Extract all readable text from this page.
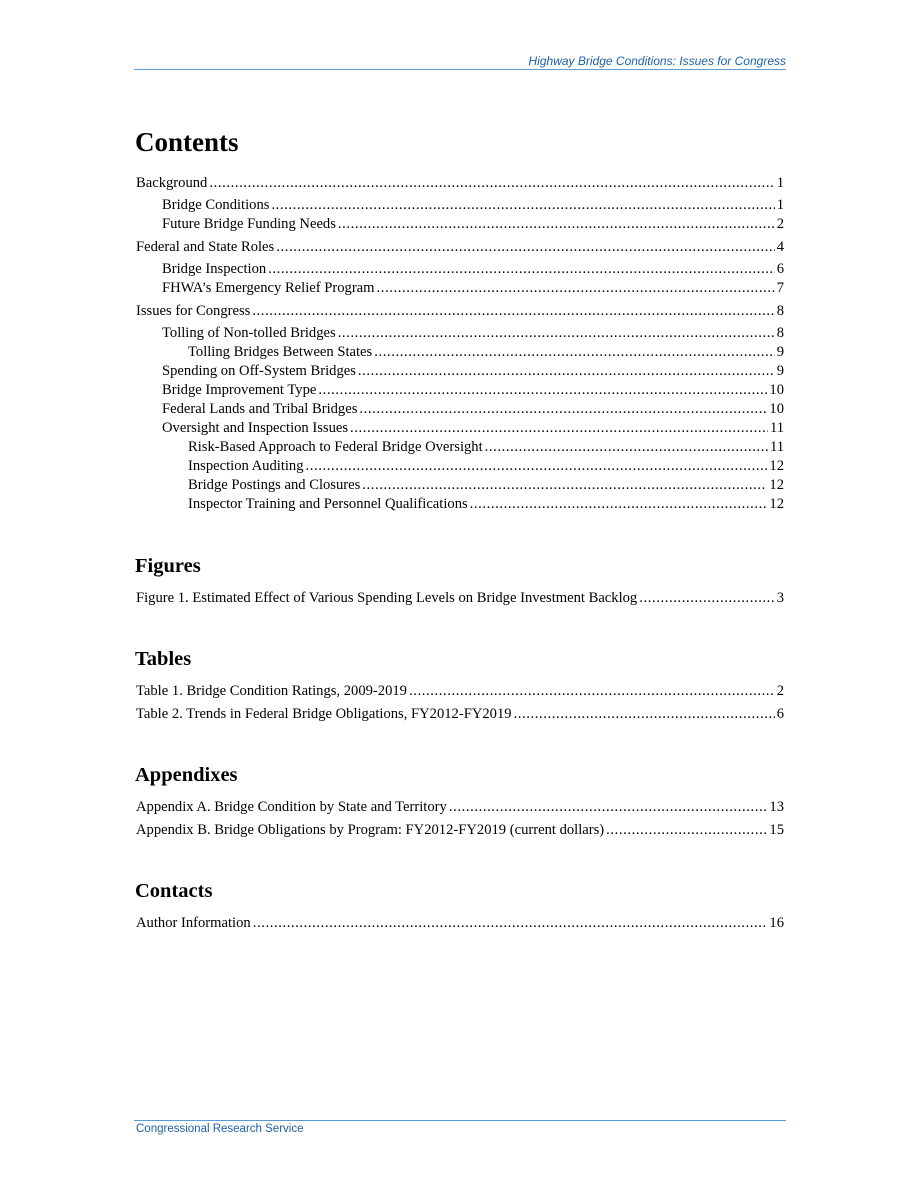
Highway Bridge Conditions: Issues for Congress
Contents
Background .....	1
Bridge Conditions .....	1
Future Bridge Funding Needs .....	2
Federal and State Roles .....	4
Bridge Inspection .....	6
FHWA’s Emergency Relief Program .....	7
Issues for Congress .....	8
Tolling of Non-tolled Bridges .....	8
Tolling Bridges Between States .....	9
Spending on Off-System Bridges .....	9
Bridge Improvement Type .....	10
Federal Lands and Tribal Bridges .....	10
Oversight and Inspection Issues .....	11
Risk-Based Approach to Federal Bridge Oversight .....	11
Inspection Auditing .....	12
Bridge Postings and Closures .....	12
Inspector Training and Personnel Qualifications .....	12
Figures
Figure 1. Estimated Effect of Various Spending Levels on Bridge Investment Backlog .....	3
Tables
Table 1. Bridge Condition Ratings, 2009-2019 .....	2
Table 2. Trends in Federal Bridge Obligations, FY2012-FY2019 .....	6
Appendixes
Appendix A. Bridge Condition by State and Territory .....	13
Appendix B. Bridge Obligations by Program: FY2012-FY2019 (current dollars) .....	15
Contacts
Author Information .....	16
Congressional Research Service
